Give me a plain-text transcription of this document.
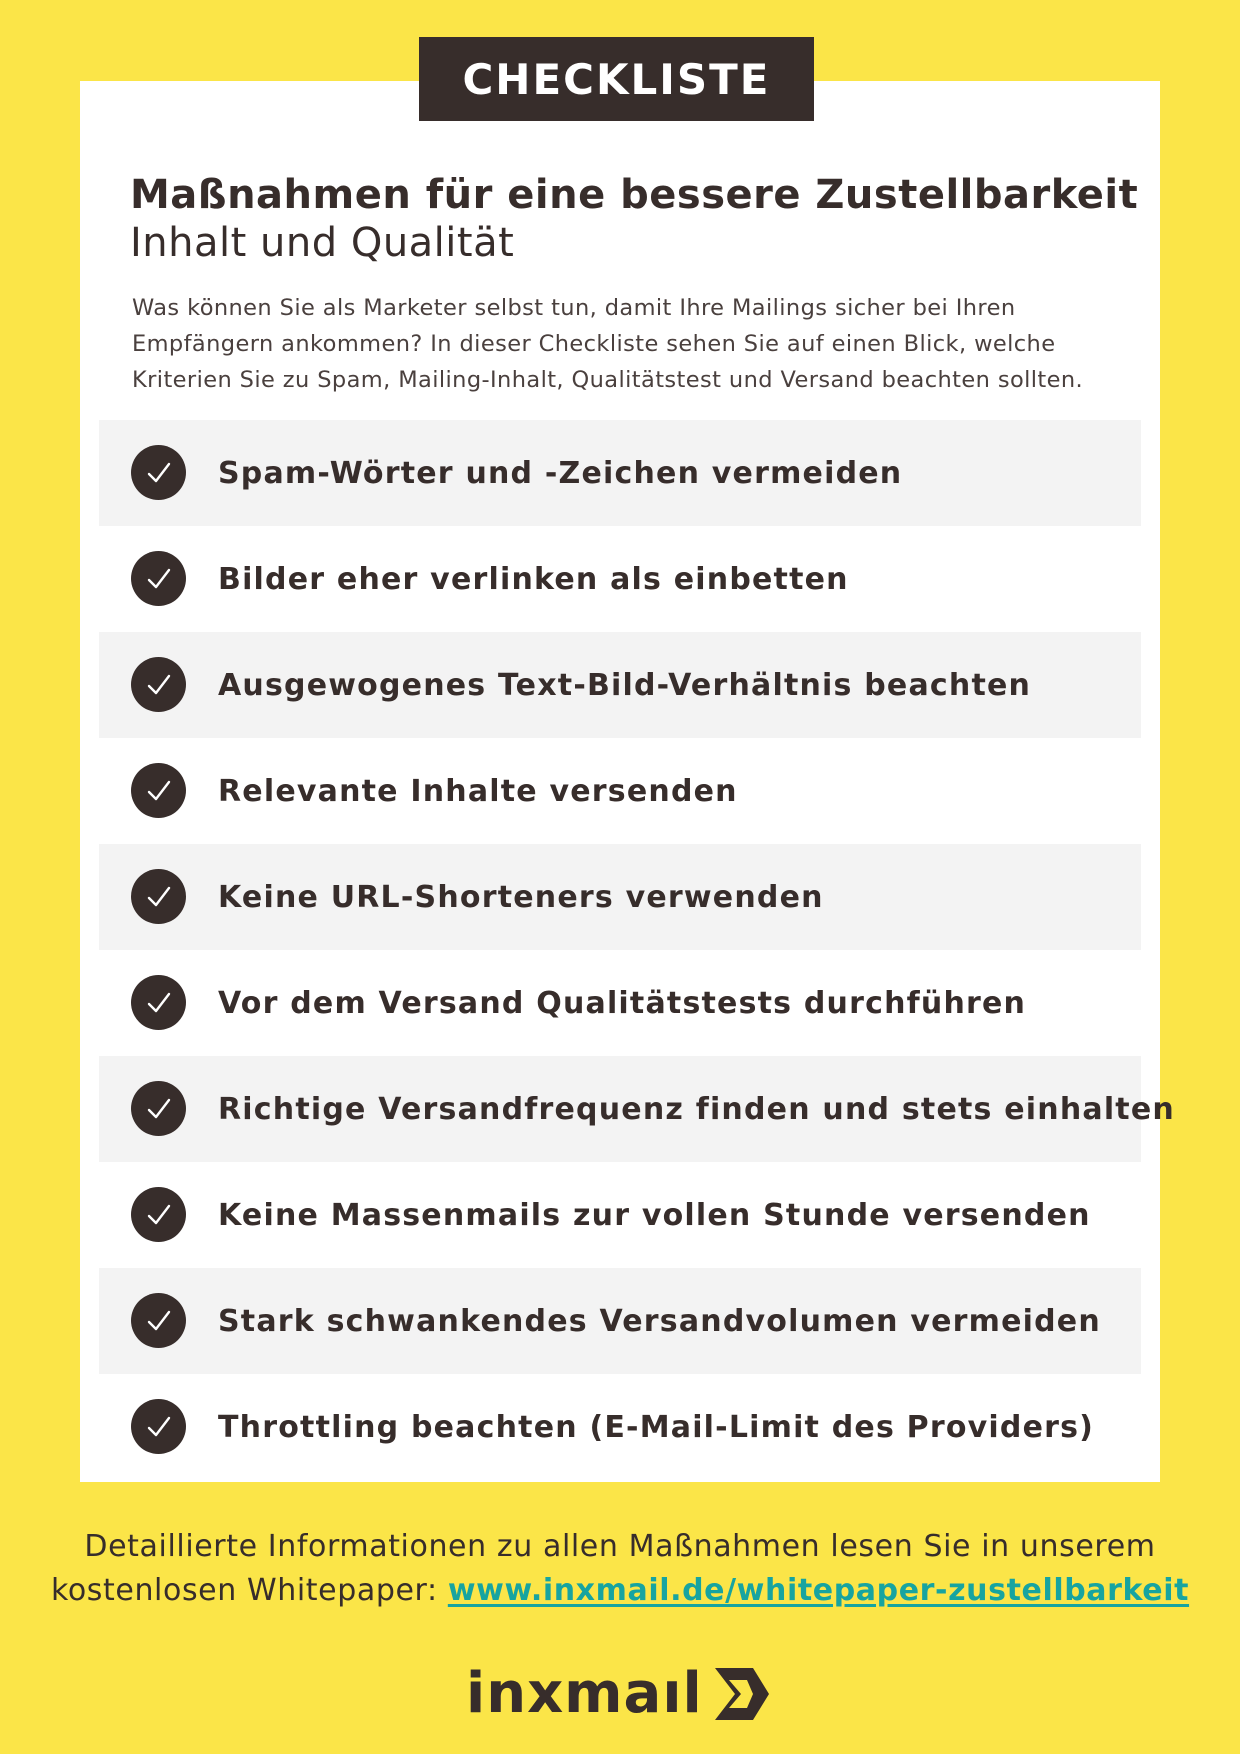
CHECKLISTE
Maßnahmen für eine bessere Zustellbarkeit
Inhalt und Qualität
Was können Sie als Marketer selbst tun, damit Ihre Mailings sicher bei Ihren
Empfängern ankommen? In dieser Checkliste sehen Sie auf einen Blick, welche
Kriterien Sie zu Spam, Mailing-Inhalt, Qualitätstest und Versand beachten sollten.
Spam-Wörter und -Zeichen vermeiden
Bilder eher verlinken als einbetten
Ausgewogenes Text-Bild-Verhältnis beachten
Relevante Inhalte versenden
Keine URL-Shorteners verwenden
Vor dem Versand Qualitätstests durchführen
Richtige Versandfrequenz finden und stets einhalten
Keine Massenmails zur vollen Stunde versenden
Stark schwankendes Versandvolumen vermeiden
Throttling beachten (E-Mail-Limit des Providers)
Detaillierte Informationen zu allen Maßnahmen lesen Sie in unserem
kostenlosen Whitepaper: www.inxmail.de/whitepaper-zustellbarkeit
inxmaıl
